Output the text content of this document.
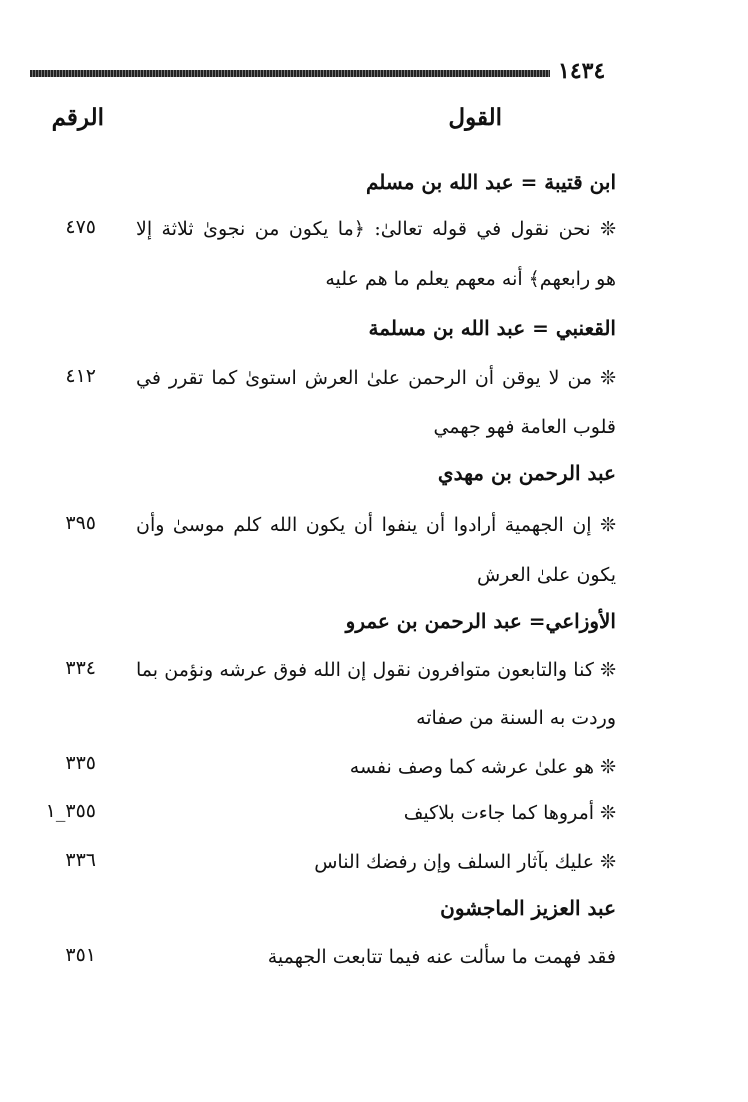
١٤٣٤
القول
الرقم
ابن قتيبة = عبد الله بن مسلم
❊ نحن نقول في قوله تعالىٰ: ﴿ما يكون من نجوىٰ ثلاثة إلا
٤٧٥
هو رابعهم﴾ أنه معهم يعلم ما هم عليه
القعنبي = عبد الله بن مسلمة
❊ من لا يوقن أن الرحمن علىٰ العرش استوىٰ كما تقرر في
٤١٢
قلوب العامة فهو جهمي
عبد الرحمن بن مهدي
❊ إن الجهمية أرادوا أن ينفوا أن يكون الله كلم موسىٰ وأن
٣٩٥
يكون علىٰ العرش
الأوزاعي= عبد الرحمن بن عمرو
❊ كنا والتابعون متوافرون نقول إن الله فوق عرشه ونؤمن بما
٣٣٤
وردت به السنة من صفاته
❊ هو علىٰ عرشه كما وصف نفسه
٣٣٥
❊ أمروها كما جاءت بلاكيف
٣٥٥_١
❊ عليك بآثار السلف وإن رفضك الناس
٣٣٦
عبد العزيز الماجشون
فقد فهمت ما سألت عنه فيما تتابعت الجهمية
٣٥١
